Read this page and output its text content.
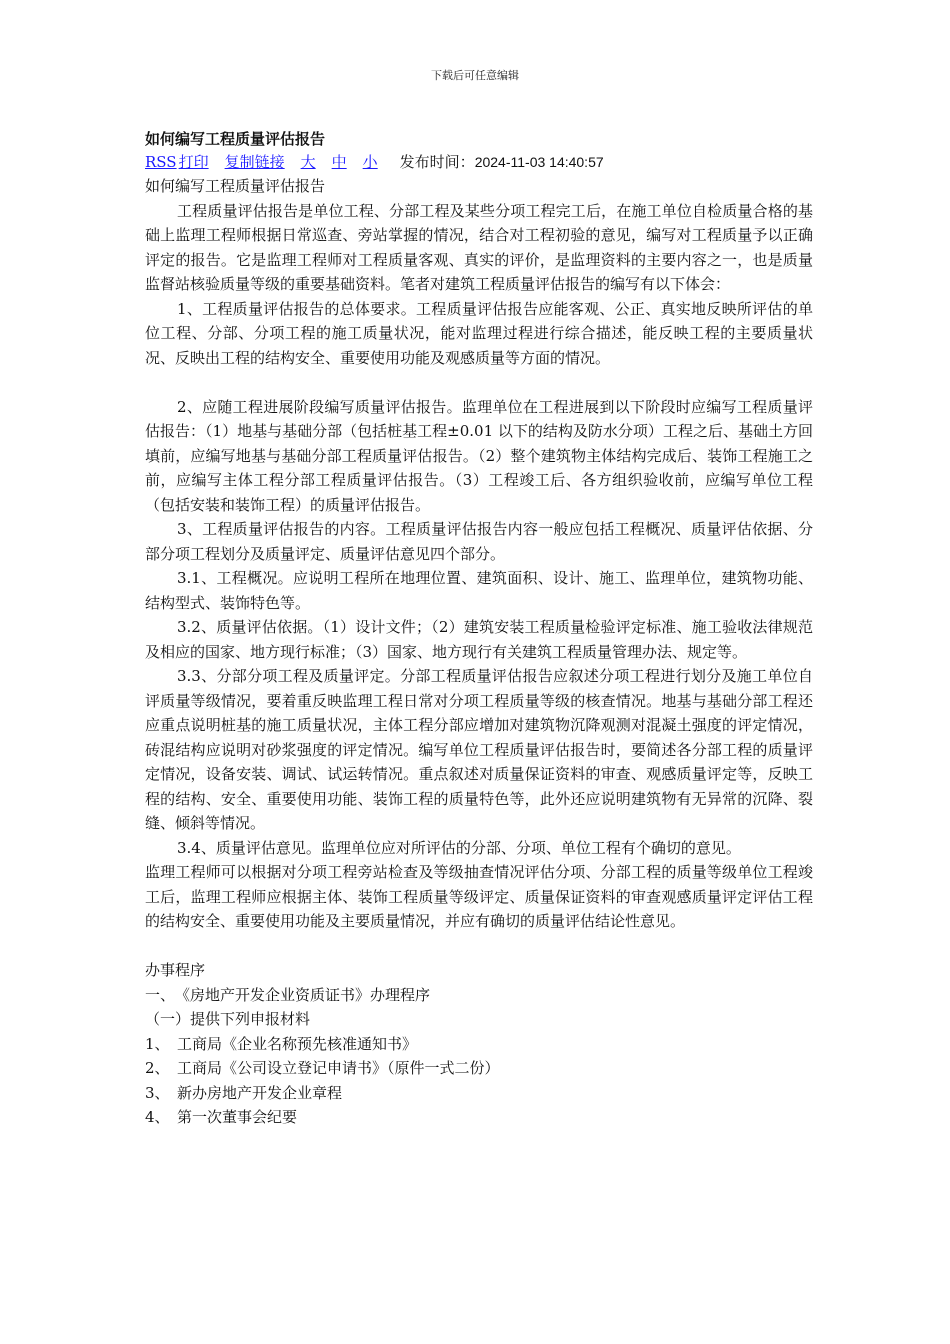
下载后可任意编辑

如何编写工程质量评估报告

RSS 打印 复制链接 大 中 小 发布时间： 2024-11-03 14:40:57

如何编写工程质量评估报告

工程质量评估报告是单位工程、分部工程及某些分项工程完工后，在施工单位自检质量合格的基础上监理工程师根据日常巡查、旁站掌握的情况，结合对工程初验的意见，编写对工程质量予以正确评定的报告。它是监理工程师对工程质量客观、真实的评价，是监理资料的主要内容之一，也是质量监督站核验质量等级的重要基础资料。笔者对建筑工程质量评估报告的编写有以下体会：

1、工程质量评估报告的总体要求。工程质量评估报告应能客观、公正、真实地反映所评估的单位工程、分部、分项工程的施工质量状况，能对监理过程进行综合描述，能反映工程的主要质量状况、反映出工程的结构安全、重要使用功能及观感质量等方面的情况。

2、应随工程进展阶段编写质量评估报告。监理单位在工程进展到以下阶段时应编写工程质量评估报告：（1）地基与基础分部（包括桩基工程±0.01 以下的结构及防水分项）工程之后、基础土方回填前，应编写地基与基础分部工程质量评估报告。（2）整个建筑物主体结构完成后、装饰工程施工之前，应编写主体工程分部工程质量评估报告。（3）工程竣工后、各方组织验收前，应编写单位工程（包括安装和装饰工程）的质量评估报告。

3、工程质量评估报告的内容。工程质量评估报告内容一般应包括工程概况、质量评估依据、分部分项工程划分及质量评定、质量评估意见四个部分。

3.1、工程概况。应说明工程所在地理位置、建筑面积、设计、施工、监理单位，建筑物功能、结构型式、装饰特色等。

3.2、质量评估依据。（1）设计文件；（2）建筑安装工程质量检验评定标准、施工验收法律规范及相应的国家、地方现行标准；（3）国家、地方现行有关建筑工程质量管理办法、规定等。

3.3、分部分项工程及质量评定。分部工程质量评估报告应叙述分项工程进行划分及施工单位自评质量等级情况，要着重反映监理工程日常对分项工程质量等级的核查情况。地基与基础分部工程还应重点说明桩基的施工质量状况，主体工程分部应增加对建筑物沉降观测对混凝土强度的评定情况，砖混结构应说明对砂浆强度的评定情况。编写单位工程质量评估报告时，要简述各分部工程的质量评定情况，设备安装、调试、试运转情况。重点叙述对质量保证资料的审查、观感质量评定等，反映工程的结构、安全、重要使用功能、装饰工程的质量特色等，此外还应说明建筑物有无异常的沉降、裂缝、倾斜等情况。

3.4、质量评估意见。监理单位应对所评估的分部、分项、单位工程有个确切的意见。

监理工程师可以根据对分项工程旁站检查及等级抽查情况评估分项、分部工程的质量等级单位工程竣工后，监理工程师应根据主体、装饰工程质量等级评定、质量保证资料的审查观感质量评定评估工程的结构安全、重要使用功能及主要质量情况，并应有确切的质量评估结论性意见。

办事程序

一、　《房地产开发企业资质证书》办理程序

（一）提供下列申报材料

1、　工商局《企业名称预先核准通知书》

2、　工商局《公司设立登记申请书》（原件一式二份）

3、　新办房地产开发企业章程

4、　第一次董事会纪要
